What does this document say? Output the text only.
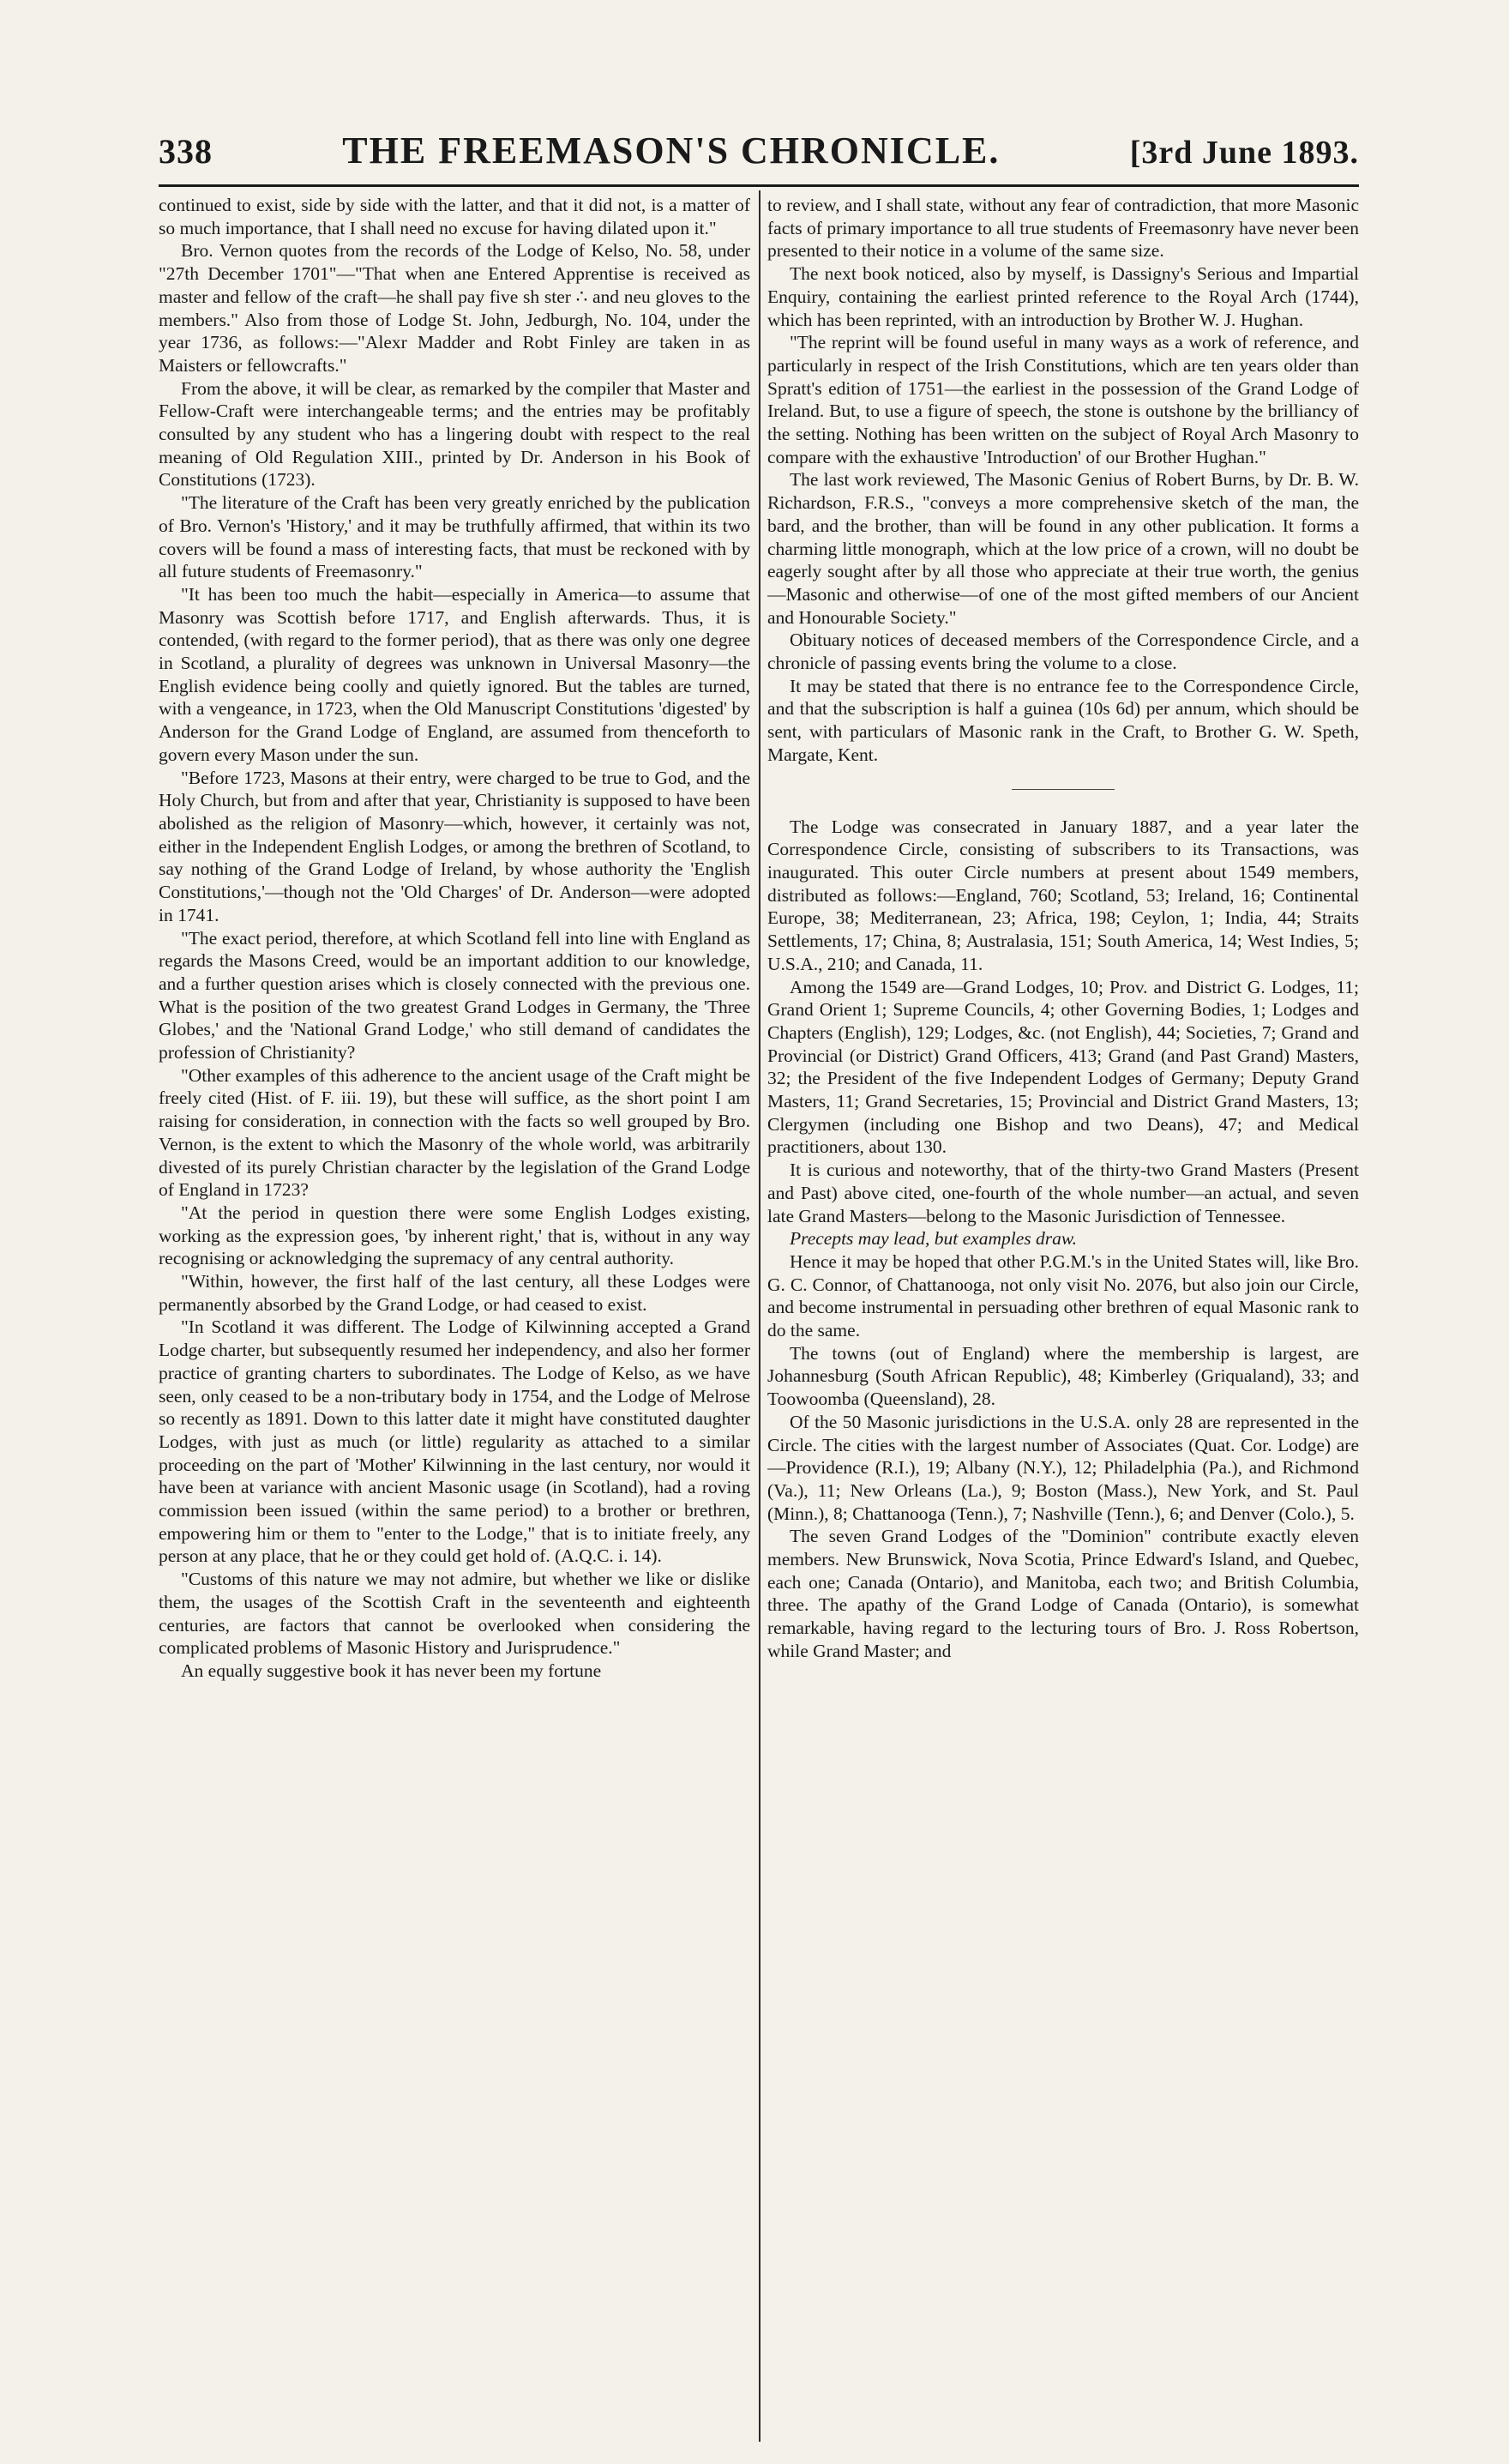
338	THE FREEMASON'S CHRONICLE.	[3rd June 1893.

continued to exist, side by side with the latter, and that it did not, is a matter of so much importance, that I shall need no excuse for having dilated upon it."

Bro. Vernon quotes from the records of the Lodge of Kelso, No. 58, under "27th December 1701"—"That when ane Entered Apprentise is received as master and fellow of the craft—he shall pay five sh ster ∴ and neu gloves to the members." Also from those of Lodge St. John, Jedburgh, No. 104, under the year 1736, as follows:—"Alexr Madder and Robt Finley are taken in as Maisters or fellowcrafts."

From the above, it will be clear, as remarked by the compiler that Master and Fellow-Craft were interchangeable terms; and the entries may be profitably consulted by any student who has a lingering doubt with respect to the real meaning of Old Regulation XIII., printed by Dr. Anderson in his Book of Constitutions (1723).

"The literature of the Craft has been very greatly enriched by the publication of Bro. Vernon's 'History,' and it may be truthfully affirmed, that within its two covers will be found a mass of interesting facts, that must be reckoned with by all future students of Freemasonry."

"It has been too much the habit—especially in America—to assume that Masonry was Scottish before 1717, and English afterwards. Thus, it is contended, (with regard to the former period), that as there was only one degree in Scotland, a plurality of degrees was unknown in Universal Masonry—the English evidence being coolly and quietly ignored. But the tables are turned, with a vengeance, in 1723, when the Old Manuscript Constitutions 'digested' by Anderson for the Grand Lodge of England, are assumed from thenceforth to govern every Mason under the sun.

"Before 1723, Masons at their entry, were charged to be true to God, and the Holy Church, but from and after that year, Christianity is supposed to have been abolished as the religion of Masonry—which, however, it certainly was not, either in the Independent English Lodges, or among the brethren of Scotland, to say nothing of the Grand Lodge of Ireland, by whose authority the 'English Constitutions,'—though not the 'Old Charges' of Dr. Anderson—were adopted in 1741.

"The exact period, therefore, at which Scotland fell into line with England as regards the Masons Creed, would be an important addition to our knowledge, and a further question arises which is closely connected with the previous one. What is the position of the two greatest Grand Lodges in Germany, the 'Three Globes,' and the 'National Grand Lodge,' who still demand of candidates the profession of Christianity?

"Other examples of this adherence to the ancient usage of the Craft might be freely cited (Hist. of F. iii. 19), but these will suffice, as the short point I am raising for consideration, in connection with the facts so well grouped by Bro. Vernon, is the extent to which the Masonry of the whole world, was arbitrarily divested of its purely Christian character by the legislation of the Grand Lodge of England in 1723?

"At the period in question there were some English Lodges existing, working as the expression goes, 'by inherent right,' that is, without in any way recognising or acknowledging the supremacy of any central authority.

"Within, however, the first half of the last century, all these Lodges were permanently absorbed by the Grand Lodge, or had ceased to exist.

"In Scotland it was different. The Lodge of Kilwinning accepted a Grand Lodge charter, but subsequently resumed her independency, and also her former practice of granting charters to subordinates. The Lodge of Kelso, as we have seen, only ceased to be a non-tributary body in 1754, and the Lodge of Melrose so recently as 1891. Down to this latter date it might have constituted daughter Lodges, with just as much (or little) regularity as attached to a similar proceeding on the part of 'Mother' Kilwinning in the last century, nor would it have been at variance with ancient Masonic usage (in Scotland), had a roving commission been issued (within the same period) to a brother or brethren, empowering him or them to "enter to the Lodge," that is to initiate freely, any person at any place, that he or they could get hold of. (A.Q.C. i. 14).

"Customs of this nature we may not admire, but whether we like or dislike them, the usages of the Scottish Craft in the seventeenth and eighteenth centuries, are factors that cannot be overlooked when considering the complicated problems of Masonic History and Jurisprudence."

An equally suggestive book it has never been my fortune

to review, and I shall state, without any fear of contradiction, that more Masonic facts of primary importance to all true students of Freemasonry have never been presented to their notice in a volume of the same size.

The next book noticed, also by myself, is Dassigny's Serious and Impartial Enquiry, containing the earliest printed reference to the Royal Arch (1744), which has been reprinted, with an introduction by Brother W. J. Hughan.

"The reprint will be found useful in many ways as a work of reference, and particularly in respect of the Irish Constitutions, which are ten years older than Spratt's edition of 1751—the earliest in the possession of the Grand Lodge of Ireland. But, to use a figure of speech, the stone is outshone by the brilliancy of the setting. Nothing has been written on the subject of Royal Arch Masonry to compare with the exhaustive 'Introduction' of our Brother Hughan."

The last work reviewed, The Masonic Genius of Robert Burns, by Dr. B. W. Richardson, F.R.S., "conveys a more comprehensive sketch of the man, the bard, and the brother, than will be found in any other publication. It forms a charming little monograph, which at the low price of a crown, will no doubt be eagerly sought after by all those who appreciate at their true worth, the genius—Masonic and otherwise—of one of the most gifted members of our Ancient and Honourable Society."

Obituary notices of deceased members of the Correspondence Circle, and a chronicle of passing events bring the volume to a close.

It may be stated that there is no entrance fee to the Correspondence Circle, and that the subscription is half a guinea (10s 6d) per annum, which should be sent, with particulars of Masonic rank in the Craft, to Brother G. W. Speth, Margate, Kent.

The Lodge was consecrated in January 1887, and a year later the Correspondence Circle, consisting of subscribers to its Transactions, was inaugurated. This outer Circle numbers at present about 1549 members, distributed as follows:—England, 760; Scotland, 53; Ireland, 16; Continental Europe, 38; Mediterranean, 23; Africa, 198; Ceylon, 1; India, 44; Straits Settlements, 17; China, 8; Australasia, 151; South America, 14; West Indies, 5; U.S.A., 210; and Canada, 11.

Among the 1549 are—Grand Lodges, 10; Prov. and District G. Lodges, 11; Grand Orient 1; Supreme Councils, 4; other Governing Bodies, 1; Lodges and Chapters (English), 129; Lodges, &c. (not English), 44; Societies, 7; Grand and Provincial (or District) Grand Officers, 413; Grand (and Past Grand) Masters, 32; the President of the five Independent Lodges of Germany; Deputy Grand Masters, 11; Grand Secretaries, 15; Provincial and District Grand Masters, 13; Clergymen (including one Bishop and two Deans), 47; and Medical practitioners, about 130.

It is curious and noteworthy, that of the thirty-two Grand Masters (Present and Past) above cited, one-fourth of the whole number—an actual, and seven late Grand Masters—belong to the Masonic Jurisdiction of Tennessee.

Precepts may lead, but examples draw.

Hence it may be hoped that other P.G.M.'s in the United States will, like Bro. G. C. Connor, of Chattanooga, not only visit No. 2076, but also join our Circle, and become instrumental in persuading other brethren of equal Masonic rank to do the same.

The towns (out of England) where the membership is largest, are Johannesburg (South African Republic), 48; Kimberley (Griqualand), 33; and Toowoomba (Queensland), 28.

Of the 50 Masonic jurisdictions in the U.S.A. only 28 are represented in the Circle. The cities with the largest number of Associates (Quat. Cor. Lodge) are—Providence (R.I.), 19; Albany (N.Y.), 12; Philadelphia (Pa.), and Richmond (Va.), 11; New Orleans (La.), 9; Boston (Mass.), New York, and St. Paul (Minn.), 8; Chattanooga (Tenn.), 7; Nashville (Tenn.), 6; and Denver (Colo.), 5.

The seven Grand Lodges of the "Dominion" contribute exactly eleven members. New Brunswick, Nova Scotia, Prince Edward's Island, and Quebec, each one; Canada (Ontario), and Manitoba, each two; and British Columbia, three. The apathy of the Grand Lodge of Canada (Ontario), is somewhat remarkable, having regard to the lecturing tours of Bro. J. Ross Robertson, while Grand Master; and
